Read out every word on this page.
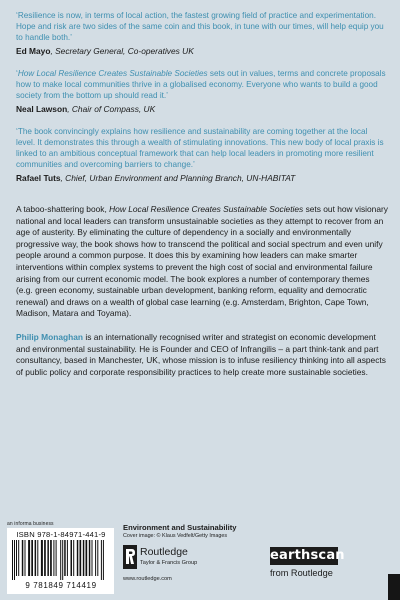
‘Resilience is now, in terms of local action, the fastest growing field of practice and experimentation. Hope and risk are two sides of the same coin and this book, in tune with our times, will help equip you to handle both.’

Ed Mayo, Secretary General, Co-operatives UK

‘How Local Resilience Creates Sustainable Societies sets out in values, terms and concrete proposals how to make local communities thrive in a globalised economy. Everyone who wants to build a good society from the bottom up should read it.’

Neal Lawson, Chair of Compass, UK

‘The book convincingly explains how resilience and sustainability are coming together at the local level. It demonstrates this through a wealth of stimulating innovations. This new body of local praxis is linked to an ambitious conceptual framework that can help local leaders in promoting more resilient communities and overcoming barriers to change.’

Rafael Tuts, Chief, Urban Environment and Planning Branch, UN-HABITAT

A taboo-shattering book, How Local Resilience Creates Sustainable Societies sets out how visionary national and local leaders can transform unsustainable societies as they attempt to recover from an age of austerity. By eliminating the culture of dependency in a socially and environmentally progressive way, the book shows how to transcend the political and social spectrum and even unify people around a common purpose. It does this by examining how leaders can make smarter interventions within complex systems to prevent the high cost of social and environmental failure arising from our current economic model. The book explores a number of contemporary themes (e.g. green economy, sustainable urban development, banking reform, equality and democratic renewal) and draws on a wealth of global case learning (e.g. Amsterdam, Brighton, Cape Town, Madison, Matara and Toyama).

Philip Monaghan is an internationally recognised writer and strategist on economic development and environmental sustainability. He is Founder and CEO of Infrangilis – a part think-tank and part consultancy, based in Manchester, UK, whose mission is to infuse resiliency thinking into all aspects of public policy and corporate responsibility practices to help create more sustainable societies.

an informa business
ISBN 978-1-84971-441-9
9 781849 714419
Environment and Sustainability
Cover image: © Klaus Vedfelt/Getty Images
Routledge
Taylor & Francis Group
www.routledge.com
earthscan
from Routledge
